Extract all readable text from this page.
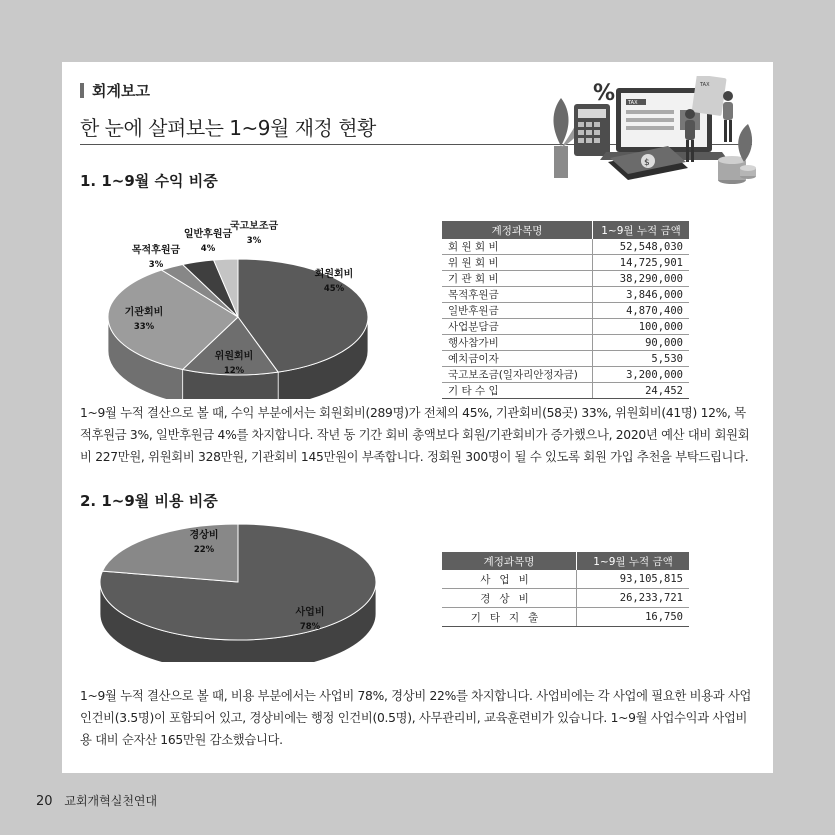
회계보고
한 눈에 살펴보는 1~9월 재정 현황
%	TAX
$
TAX
1. 1~9월 수익 비중
회원회비
45%
위원회비
12%
기관회비
33%
목적후원금
3%
일반후원금
4%
국고보조금
3%
계정과목명	1~9월 누적 금액
회 원 회 비	52,548,030
위 원 회 비	14,725,901
기 관 회 비	38,290,000
목적후원금	3,846,000
일반후원금	4,870,400
사업분담금	100,000
행사참가비	90,000
예치금이자	5,530
국고보조금(일자리안정자금)	3,200,000
기 타 수 입	24,452
1~9월 누적 결산으로 볼 때, 수익 부분에서는 회원회비(289명)가 전체의 45%, 기관회비(58곳) 33%, 위원회비(41명) 12%, 목적후원금 3%, 일반후원금 4%를 차지합니다. 작년 동 기간 회비 총액보다 회원/기관회비가 증가했으나, 2020년 예산 대비 회원회비 227만원, 위원회비 328만원, 기관회비 145만원이 부족합니다. 정회원 300명이 될 수 있도록 회원 가입 추천을 부탁드립니다.
2. 1~9월 비용 비중
경상비
22%
사업비
78%
계정과목명	1~9월 누적 금액
사업비	93,105,815
경상비	26,233,721
기타지출	16,750
1~9월 누적 결산으로 볼 때, 비용 부분에서는 사업비 78%, 경상비 22%를 차지합니다. 사업비에는 각 사업에 필요한 비용과 사업 인건비(3.5명)이 포함되어 있고, 경상비에는 행정 인건비(0.5명), 사무관리비, 교육훈련비가 있습니다. 1~9월 사업수익과 사업비용 대비 순자산 165만원 감소했습니다.
20 교회개혁실천연대
